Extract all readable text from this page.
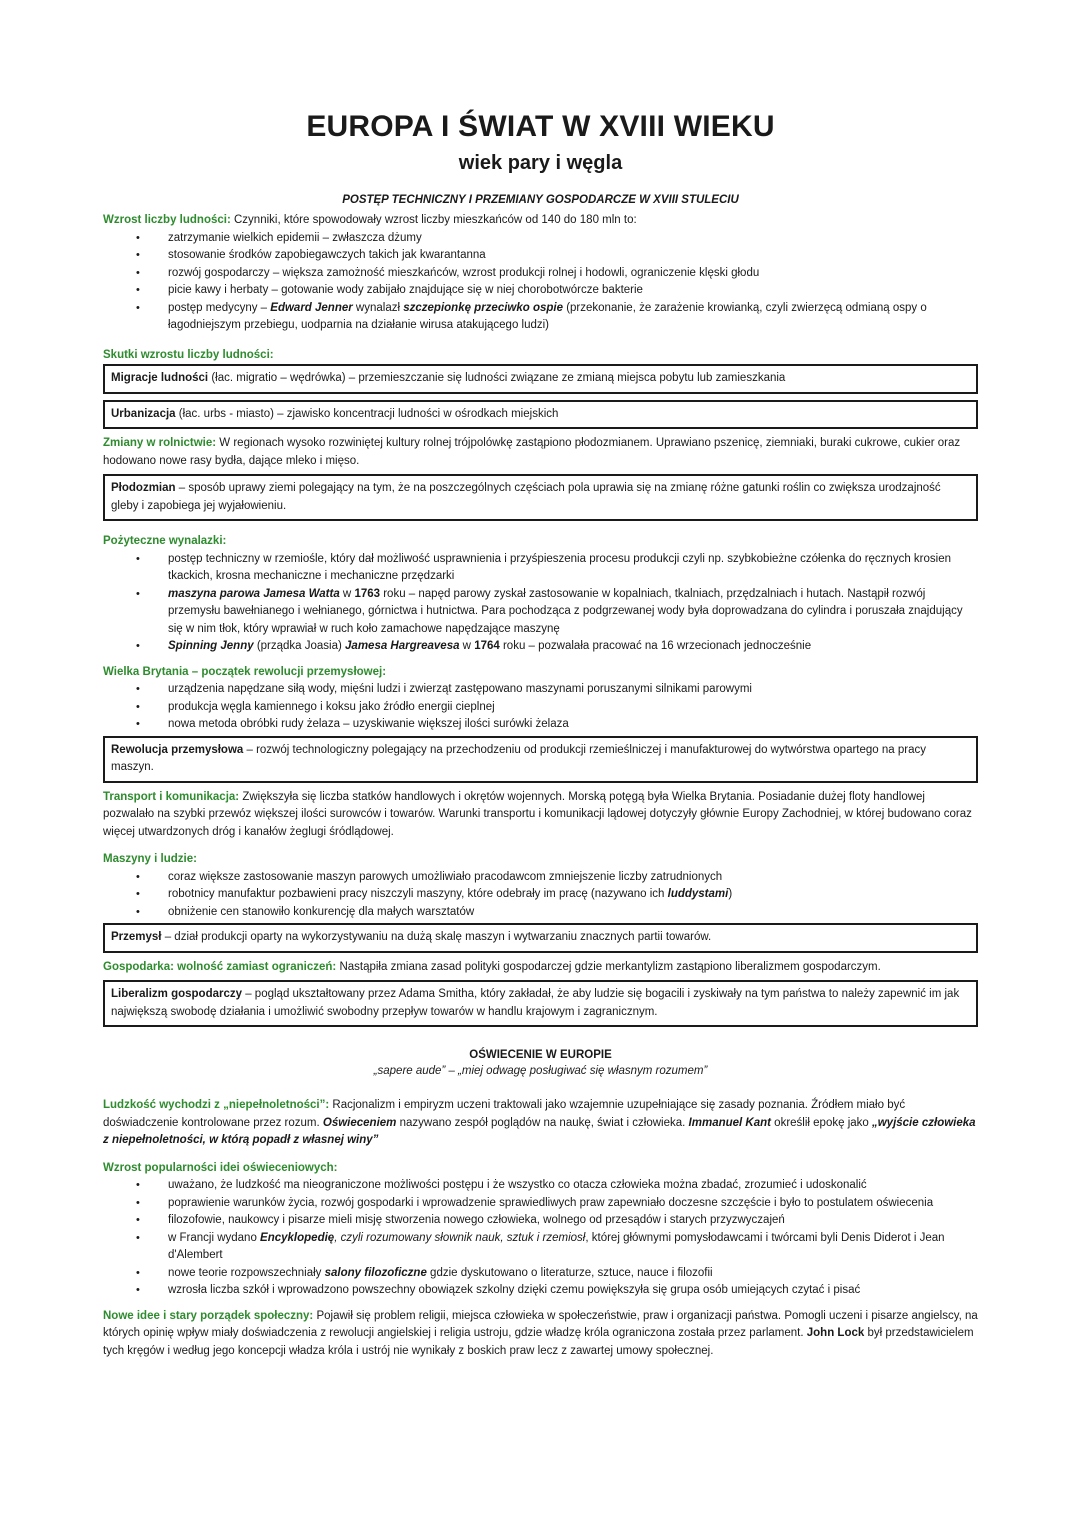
EUROPA I ŚWIAT W XVIII WIEKU
wiek pary i węgla
POSTĘP TECHNICZNY I PRZEMIANY GOSPODARCZE W XVIII STULECIU
Wzrost liczby ludności: Czynniki, które spowodowały wzrost liczby mieszkańców od 140 do 180 mln to:
• zatrzymanie wielkich epidemii – zwłaszcza dżumy
• stosowanie środków zapobiegawczych takich jak kwarantanna
• rozwój gospodarczy – większa zamożność mieszkańców, wzrost produkcji rolnej i hodowli, ograniczenie klęski głodu
• picie kawy i herbaty – gotowanie wody zabijało znajdujące się w niej chorobotwórcze bakterie
• postęp medycyny – Edward Jenner wynalazł szczepionkę przeciwko ospie (przekonanie, że zarażenie krowianką, czyli zwierzęcą odmianą ospy o łagodniejszym przebiegu, uodparnia na działanie wirusa atakującego ludzi)
Skutki wzrostu liczby ludności:
Migracje ludności (łac. migratio – wędrówka) – przemieszczanie się ludności związane ze zmianą miejsca pobytu lub zamieszkania
Urbanizacja (łac. urbs - miasto) – zjawisko koncentracji ludności w ośrodkach miejskich

Zmiany w rolnictwie: W regionach wysoko rozwiniętej kultury rolnej trójpolówkę zastąpiono płodozmianem. Uprawiano pszenicę, ziemniaki, buraki cukrowe, cukier oraz hodowano nowe rasy bydła, dające mleko i mięso.

Płodozmian – sposób uprawy ziemi polegający na tym, że na poszczególnych częściach pola uprawia się na zmianę różne gatunki roślin co zwiększa urodzajność gleby i zapobiega jej wyjałowieniu.
Pożyteczne wynalazki:
• postęp techniczny w rzemiośle, który dał możliwość usprawnienia i przyśpieszenia procesu produkcji czyli np. szybkobieżne czółenka do ręcznych krosien tkackich, krosna mechaniczne i mechaniczne przędzarki
• maszyna parowa Jamesa Watta w 1763 roku – napęd parowy zyskał zastosowanie w kopalniach, tkalniach, przędzalniach i hutach. Nastąpił rozwój przemysłu bawełnianego i wełnianego, górnictwa i hutnictwa. Para pochodząca z podgrzewanej wody była doprowadzana do cylindra i poruszała znajdujący się w nim tłok, który wprawiał w ruch koło zamachowe napędzające maszynę
• Spinning Jenny (prządka Joasia) Jamesa Hargreavesa w 1764 roku – pozwalała pracować na 16 wrzecionach jednocześnie
Wielka Brytania – początek rewolucji przemysłowej:
• urządzenia napędzane siłą wody, mięśni ludzi i zwierząt zastępowano maszynami poruszanymi silnikami parowymi
• produkcja węgla kamiennego i koksu jako źródło energii cieplnej
• nowa metoda obróbki rudy żelaza – uzyskiwanie większej ilości surówki żelaza
Rewolucja przemysłowa – rozwój technologiczny polegający na przechodzeniu od produkcji rzemieślniczej i manufakturowej do wytwórstwa opartego na pracy maszyn.

Transport i komunikacja: Zwiększyła się liczba statków handlowych i okrętów wojennych. Morską potęgą była Wielka Brytania. Posiadanie dużej floty handlowej pozwalało na szybki przewóz większej ilości surowców i towarów. Warunki transportu i komunikacji lądowej dotyczyły głównie Europy Zachodniej, w której budowano coraz więcej utwardzonych dróg i kanałów żeglugi śródlądowej.

Maszyny i ludzie:
• coraz większe zastosowanie maszyn parowych umożliwiało pracodawcom zmniejszenie liczby zatrudnionych
• robotnicy manufaktur pozbawieni pracy niszczyli maszyny, które odebrały im pracę (nazywano ich luddystami)
• obniżenie cen stanowiło konkurencję dla małych warsztatów
Przemysł – dział produkcji oparty na wykorzystywaniu na dużą skalę maszyn i wytwarzaniu znacznych partii towarów.

Gospodarka: wolność zamiast ograniczeń: Nastąpiła zmiana zasad polityki gospodarczej gdzie merkantylizm zastąpiono liberalizmem gospodarczym.

Liberalizm gospodarczy – pogląd ukształtowany przez Adama Smitha, który zakładał, że aby ludzie się bogacili i zyskiwały na tym państwa to należy zapewnić im jak największą swobodę działania i umożliwić swobodny przepływ towarów w handlu krajowym i zagranicznym.
OŚWIECENIE W EUROPIE
„sapere aude” – „miej odwagę posługiwać się własnym rozumem”

Ludzkość wychodzi z „niepełnoletności”: Racjonalizm i empiryzm uczeni traktowali jako wzajemnie uzupełniające się zasady poznania. Źródłem miało być doświadczenie kontrolowane przez rozum. Oświeceniem nazywano zespół poglądów na naukę, świat i człowieka. Immanuel Kant określił epokę jako „wyjście człowieka z niepełnoletności, w którą popadł z własnej winy”

Wzrost popularności idei oświeceniowych:
• uważano, że ludzkość ma nieograniczone możliwości postępu i że wszystko co otacza człowieka można zbadać, zrozumieć i udoskonalić
• poprawienie warunków życia, rozwój gospodarki i wprowadzenie sprawiedliwych praw zapewniało doczesne szczęście i było to postulatem oświecenia
• filozofowie, naukowcy i pisarze mieli misję stworzenia nowego człowieka, wolnego od przesądów i starych przyzwyczajeń
• w Francji wydano Encyklopedię, czyli rozumowany słownik nauk, sztuk i rzemiosł, której głównymi pomysłodawcami i twórcami byli Denis Diderot i Jean d'Alembert
• nowe teorie rozpowszechniały salony filozoficzne gdzie dyskutowano o literaturze, sztuce, nauce i filozofii
• wzrosła liczba szkół i wprowadzono powszechny obowiązek szkolny dzięki czemu powiększyła się grupa osób umiejących czytać i pisać

Nowe idee i stary porządek społeczny: Pojawił się problem religii, miejsca człowieka w społeczeństwie, praw i organizacji państwa. Pomogli uczeni i pisarze angielscy, na których opinię wpływ miały doświadczenia z rewolucji angielskiej i religia ustroju, gdzie władzę króla ograniczona została przez parlament. John Lock był przedstawicielem tych kręgów i według jego koncepcji władza króla i ustrój nie wynikały z boskich praw lecz z zawartej umowy społecznej.
